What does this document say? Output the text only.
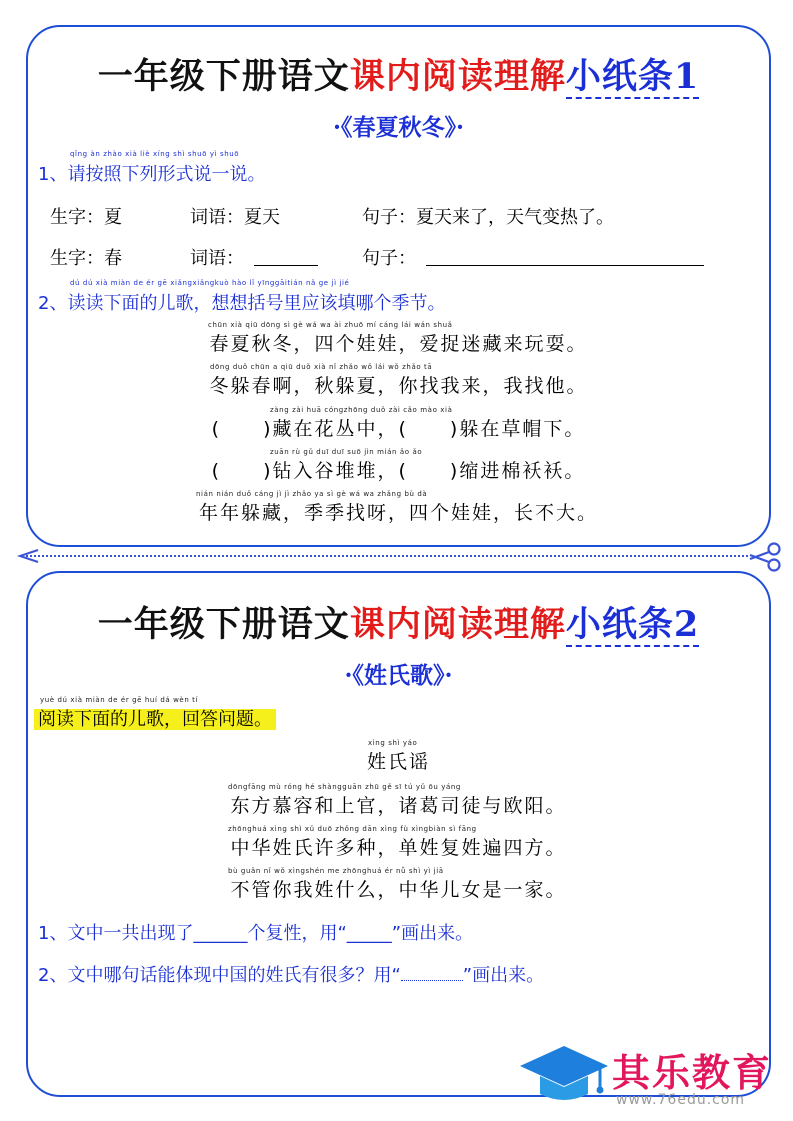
一年级下册语文课内阅读理解小纸条1
·《春夏秋冬》·
qǐng àn zhào xià liè xíng shì shuō yì shuō
1、请按照下列形式说一说。
生字：夏	词语：夏天	句子：夏天来了，天气变热了。
生字：春	词语：	句子：
dú dú xià miàn de ér gē xiǎngxiǎngkuò hào lǐ yīnggāitián nǎ ge jì jié
2、读读下面的儿歌，想想括号里应该填哪个季节。
chūn xià qiū dōng sì gè wá wa ài zhuō mí cáng lái wán shuǎ
春夏秋冬，四个娃娃，爱捉迷藏来玩耍。
dōng duǒ chūn a qiū duǒ xià nǐ zhǎo wǒ lái wǒ zhǎo tā
冬躲春啊，秋躲夏，你找我来，我找他。
zàng zài huā cóngzhōng duǒ zài cǎo mào xià
(　　)藏在花丛中，(　　)躲在草帽下。
zuān rù gǔ duī duī suō jìn mián ǎo ǎo
(　　)钻入谷堆堆，(　　)缩进棉袄袄。
nián nián duǒ cáng jì jì zhǎo ya sì gè wá wa zhǎng bù dà
年年躲藏，季季找呀，四个娃娃，长不大。
一年级下册语文课内阅读理解小纸条2
·《姓氏歌》·
yuè dú xià miàn de ér gē huí dá wèn tí
阅读下面的儿歌，回答问题。
xìng shì yáo
姓氏谣
dōngfāng mù róng hé shàngguān zhū gě sī tú yǔ ōu yáng
东方慕容和上官，诸葛司徒与欧阳。
zhōnghuá xìng shì xǔ duō zhǒng dān xìng fù xìngbiàn sì fāng
中华姓氏许多种，单姓复姓遍四方。
bù guǎn nǐ wǒ xìngshén me zhōnghuá ér nǚ shì yì jiā
不管你我姓什么，中华儿女是一家。
1、文中一共出现了______个复性，用“_____”画出来。
2、文中哪句话能体现中国的姓氏有很多？用“	”画出来。
其乐教育
www.76edu.com
